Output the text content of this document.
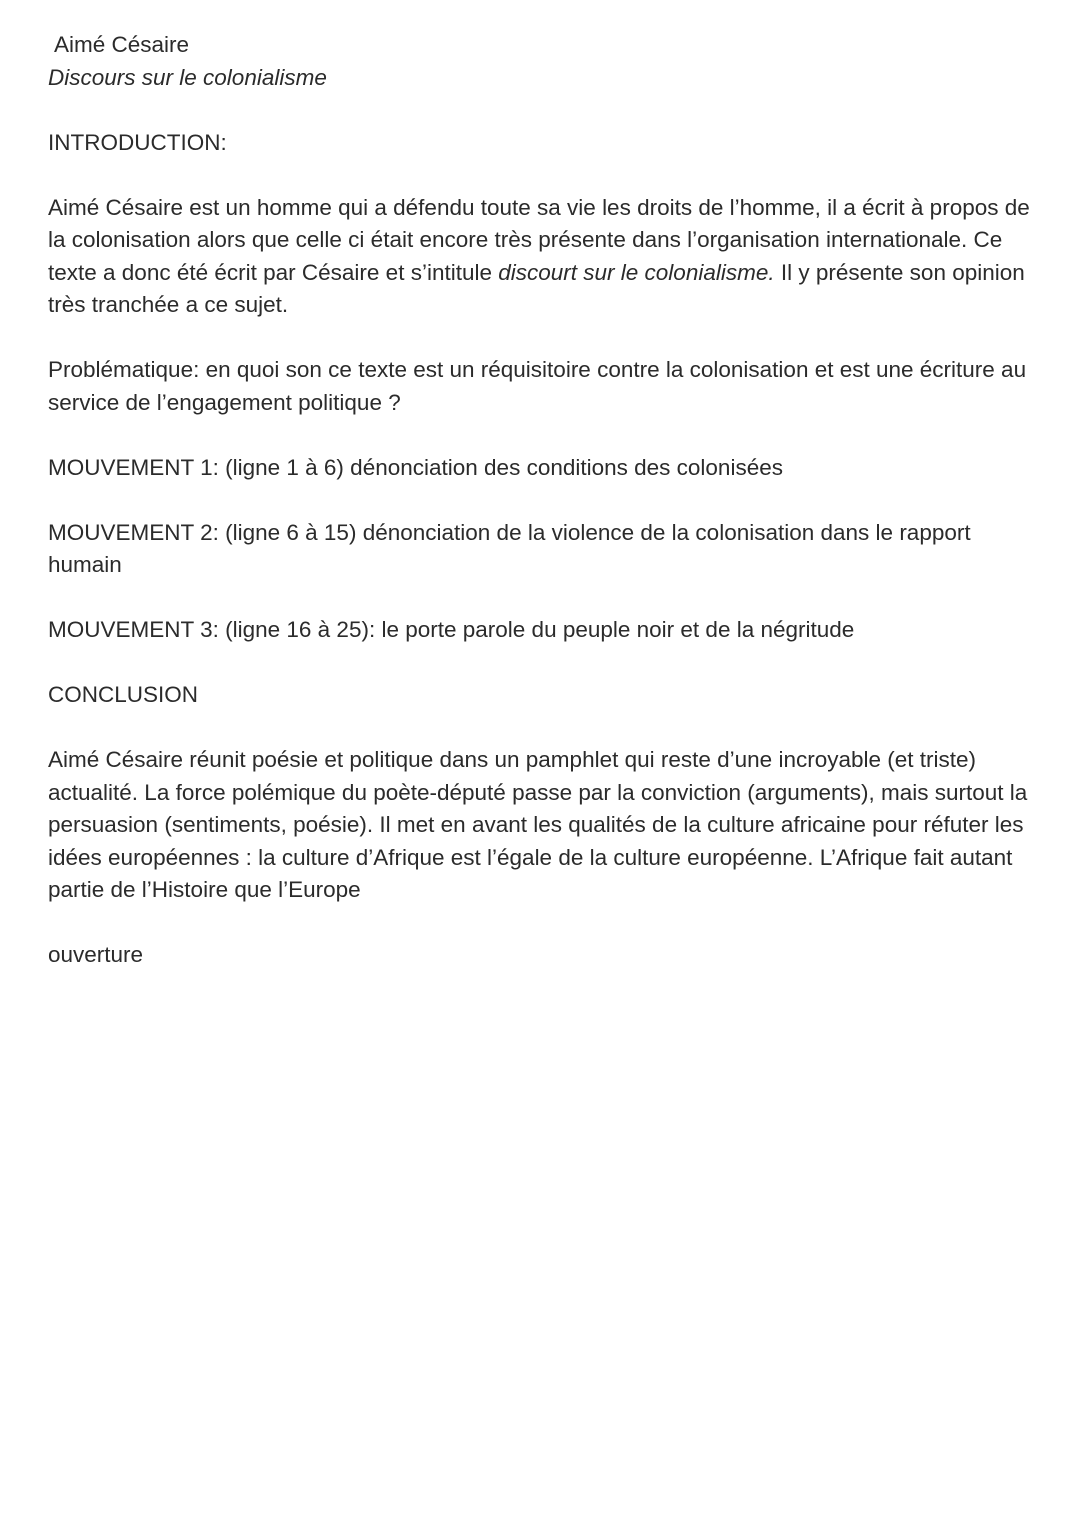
Aimé Césaire

Discours sur le colonialisme

INTRODUCTION:

Aimé Césaire est un homme qui a défendu toute sa vie les droits de l’homme, il a écrit à propos de la colonisation alors que celle ci était encore très présente dans l’organisation internationale. Ce texte a donc été écrit par Césaire et s’intitule discourt sur le colonialisme. Il y présente son opinion très tranchée a ce sujet.

Problématique: en quoi son ce texte est un réquisitoire contre la colonisation et est une écriture au service de l’engagement politique ?

MOUVEMENT 1: (ligne 1 à 6) dénonciation des conditions des colonisées

MOUVEMENT 2: (ligne 6 à 15) dénonciation de la violence de la colonisation dans le rapport humain

MOUVEMENT 3: (ligne 16 à 25): le porte parole du peuple noir et de la négritude

CONCLUSION

Aimé Césaire réunit poésie et politique dans un pamphlet qui reste d’une incroyable (et triste) actualité. La force polémique du poète-député passe par la conviction (arguments), mais surtout la persuasion (sentiments, poésie). Il met en avant les qualités de la culture africaine pour réfuter les idées européennes : la culture d’Afrique est l’égale de la culture européenne. L’Afrique fait autant partie de l’Histoire que l’Europe

ouverture
